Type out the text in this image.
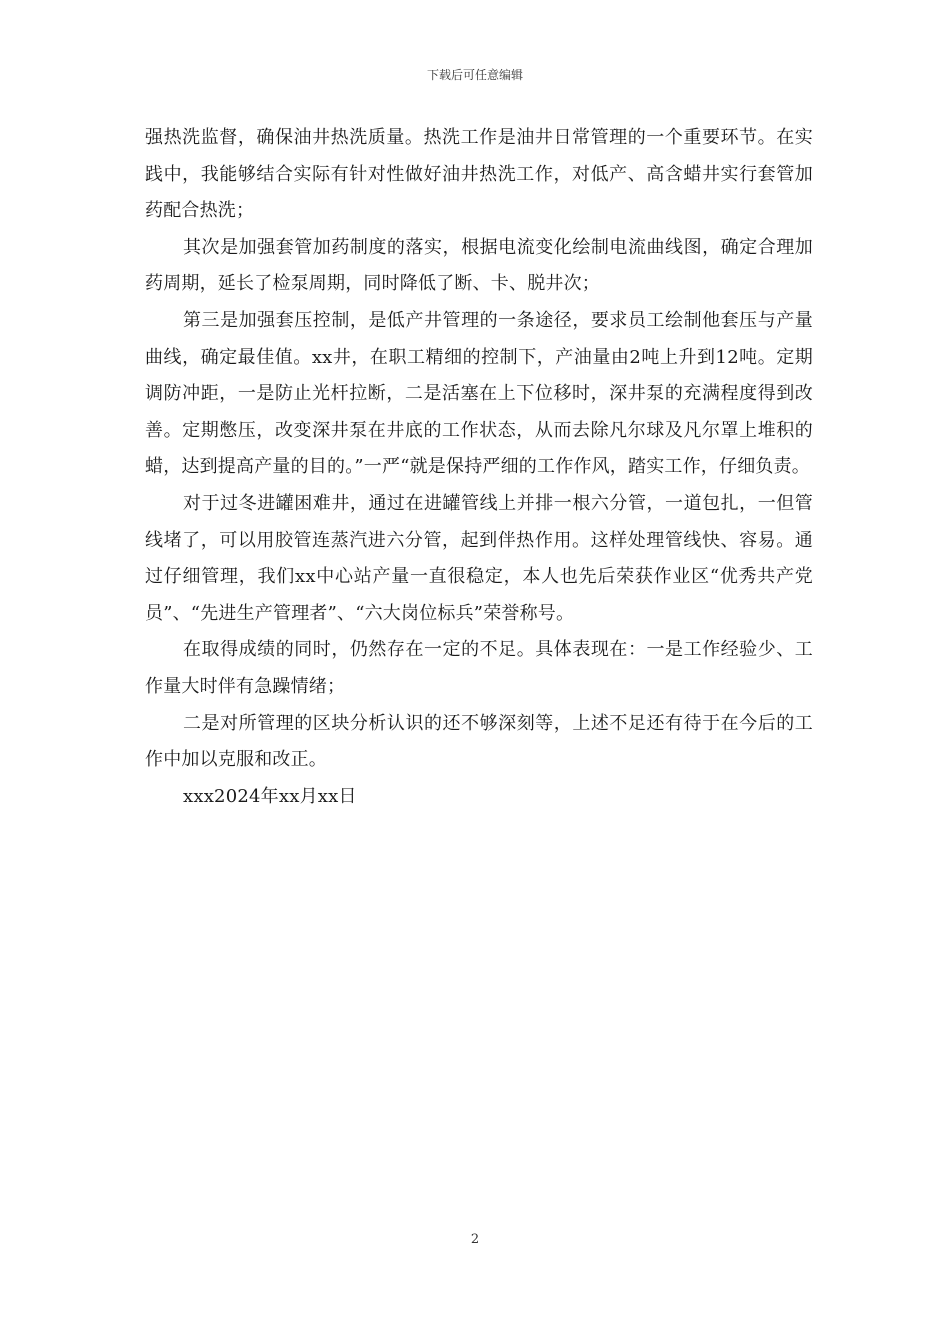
下载后可任意编辑

强热洗监督，确保油井热洗质量。热洗工作是油井日常管理的一个重要环节。在实践中，我能够结合实际有针对性做好油井热洗工作，对低产、高含蜡井实行套管加药配合热洗；

其次是加强套管加药制度的落实，根据电流变化绘制电流曲线图，确定合理加药周期，延长了检泵周期，同时降低了断、卡、脱井次；

第三是加强套压控制，是低产井管理的一条途径，要求员工绘制他套压与产量曲线，确定最佳值。xx井，在职工精细的控制下，产油量由2吨上升到12吨。定期调防冲距，一是防止光杆拉断，二是活塞在上下位移时，深井泵的充满程度得到改善。定期憋压，改变深井泵在井底的工作状态，从而去除凡尔球及凡尔罩上堆积的蜡，达到提高产量的目的。”一严“就是保持严细的工作作风，踏实工作，仔细负责。

对于过冬进罐困难井，通过在进罐管线上并排一根六分管，一道包扎，一但管线堵了，可以用胶管连蒸汽进六分管，起到伴热作用。这样处理管线快、容易。通过仔细管理，我们xx中心站产量一直很稳定，本人也先后荣获作业区“优秀共产党员”、“先进生产管理者”、“六大岗位标兵”荣誉称号。

在取得成绩的同时，仍然存在一定的不足。具体表现在：一是工作经验少、工作量大时伴有急躁情绪；

二是对所管理的区块分析认识的还不够深刻等，上述不足还有待于在今后的工作中加以克服和改正。

xxx2024年xx月xx日

2
